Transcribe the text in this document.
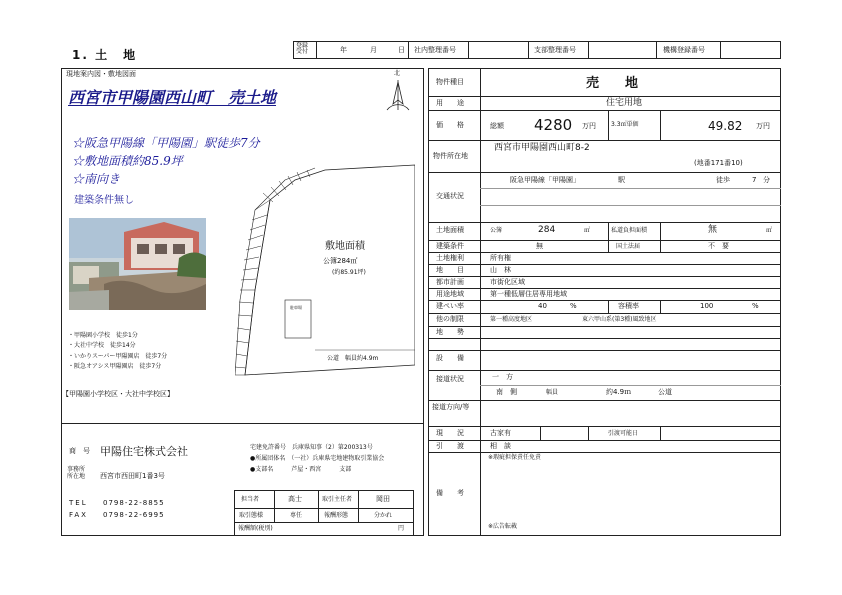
1. 土　地
登録
受付	年	月	日 社内整理番号	支部整理番号	機構登録番号
現地案内図・敷地図面	北
西宮市甲陽園西山町　売土地
☆阪急甲陽線「甲陽園」駅徒歩7分
☆敷地面積約85.9坪
☆南向き
建築条件無し
敷地面積
公簿284㎡
(約85.91坪)
駐車場
公道　幅員約4.9m
・甲陽園小学校　徒歩1分
・大社中学校　徒歩14分
・いかりスーパー甲陽園店　徒歩7分
・阪急オアシス甲陽園店　徒歩7分
【甲陽園小学校区・大社中学校区】
商　号 甲陽住宅株式会社
事務所
所在地 西宮市西田町1番3号
TEL 0798-22-8855
FAX 0798-22-6995
宅建免許番号　兵庫県知事（2）第200313号
●所属団体名　（一社）兵庫県宅地建物取引業協会
●支部名　　　芦屋・西宮　　　支部
担当者	高士	取引主任者	岡田
取引態様	専任	報酬形態	分かれ
報酬額(税別)	円
物件種目	売　　地
用　　途	住宅用地
価　　格	総額 4280 万円	3.3㎡単価	49.82 万円
物件所在地
西宮市甲陽園西山町8-2
(地番171番10)
阪急甲陽線「甲陽園」	駅	徒歩	7 分
交通状況
土地面積	公簿	284	㎡	私道負担面積	無	㎡
建築条件	無	国土法届	不　要
土地権利	所有権
地　　目	山　林
都市計画	市街化区域
用途地域	第一種低層住居専用地域
建ぺい率	40	%	容積率	100	%
他の制限	第一種高度地区	東六甲山系(第3種)風致地区
地　　勢
設　　備
接道状況	一　方
南　側	幅員	約4.9ｍ	公道
接道方向/等
現　　況	古家有	引渡可能日
引　　渡	相　談
備　　考
※瑕疵担保責任免責
※広告転載
